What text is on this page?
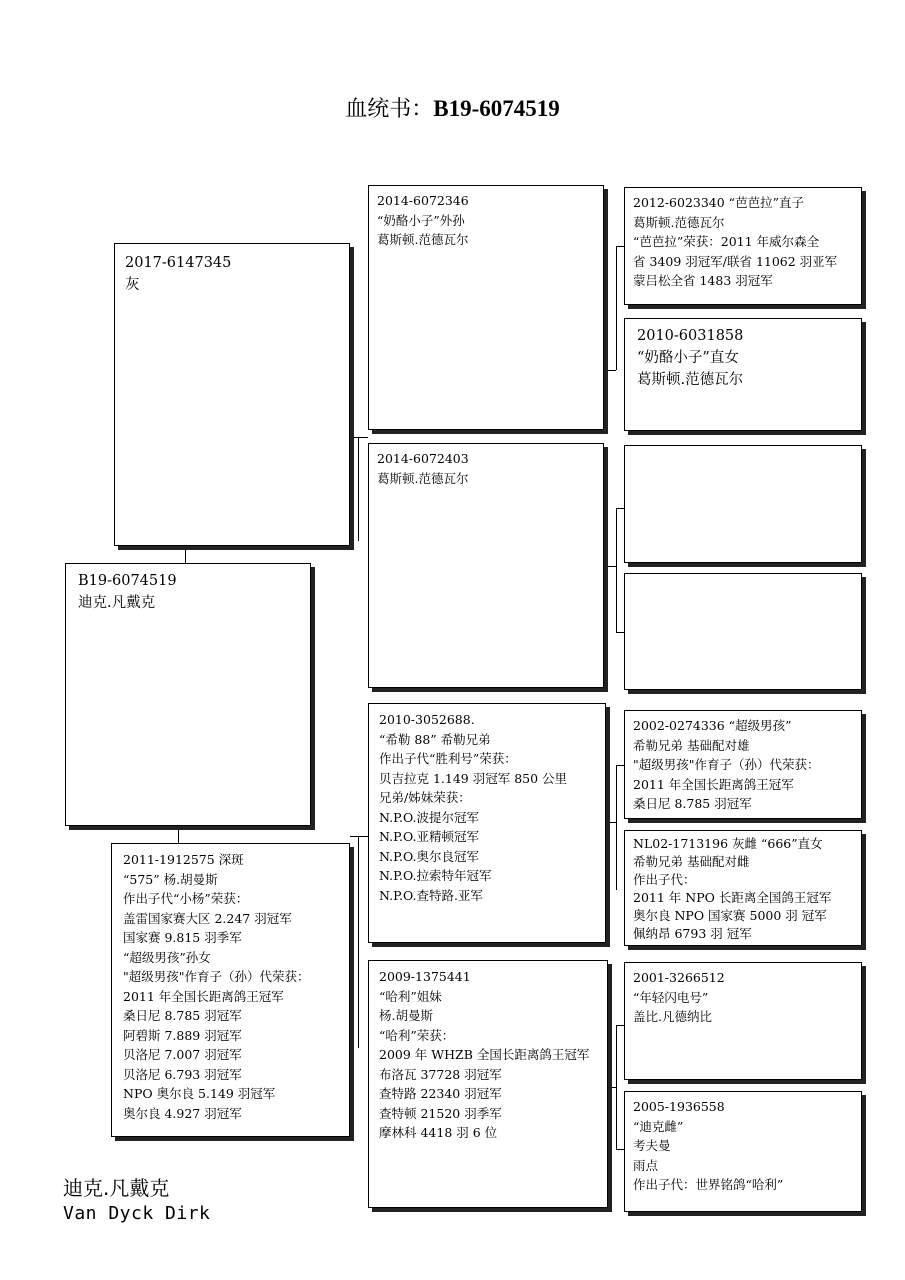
血统书：B19-6074519
B19-6074519
迪克.凡戴克
2017-6147345
灰
2011-1912575 深斑
“575” 杨.胡曼斯
作出子代“小杨”荣获：
盖雷国家赛大区 2.247 羽冠军
国家赛 9.815 羽季军
“超级男孩”孙女
"超级男孩"作育子（孙）代荣获：
2011 年全国长距离鸽王冠军
桑日尼 8.785 羽冠军
阿碧斯 7.889 羽冠军
贝洛尼 7.007 羽冠军
贝洛尼 6.793 羽冠军
NPO 奥尔良 5.149 羽冠军
奥尔良 4.927 羽冠军
2014-6072346
“奶酪小子”外孙
葛斯顿.范德瓦尔
2014-6072403
葛斯顿.范德瓦尔
2010-3052688.
“希勒 88” 希勒兄弟
作出子代“胜利号”荣获：
贝吉拉克 1.149 羽冠军 850 公里
兄弟/姊妹荣获：
N.P.O.波提尔冠军
N.P.O.亚精顿冠军
N.P.O.奥尔良冠军
N.P.O.拉索特年冠军
N.P.O.查特路.亚军
2009-1375441
“哈利”姐妹
杨.胡曼斯
“哈利”荣获：
2009 年 WHZB 全国长距离鸽王冠军
布洛瓦 37728 羽冠军
查特路 22340 羽冠军
查特顿 21520 羽季军
摩林科 4418 羽 6 位
2012-6023340 “芭芭拉”直子
葛斯顿.范德瓦尔
“芭芭拉”荣获：2011 年威尔森全
省 3409 羽冠军/联省 11062 羽亚军
蒙吕松全省 1483 羽冠军
2010-6031858
“奶酪小子”直女
葛斯顿.范德瓦尔
2002-0274336 “超级男孩”
希勒兄弟 基础配对雄
"超级男孩"作育子（孙）代荣获：
2011 年全国长距离鸽王冠军
桑日尼 8.785 羽冠军
NL02-1713196 灰雌 “666”直女
希勒兄弟 基础配对雌
作出子代：
2011 年 NPO 长距离全国鸽王冠军
奥尔良 NPO 国家赛 5000 羽 冠军
佩纳昂 6793 羽 冠军
2001-3266512
“年轻闪电号”
盖比.凡德纳比
2005-1936558
“迪克雌”
考夫曼
雨点
作出子代：世界铭鸽“哈利”
迪克.凡戴克
Van Dyck Dirk
